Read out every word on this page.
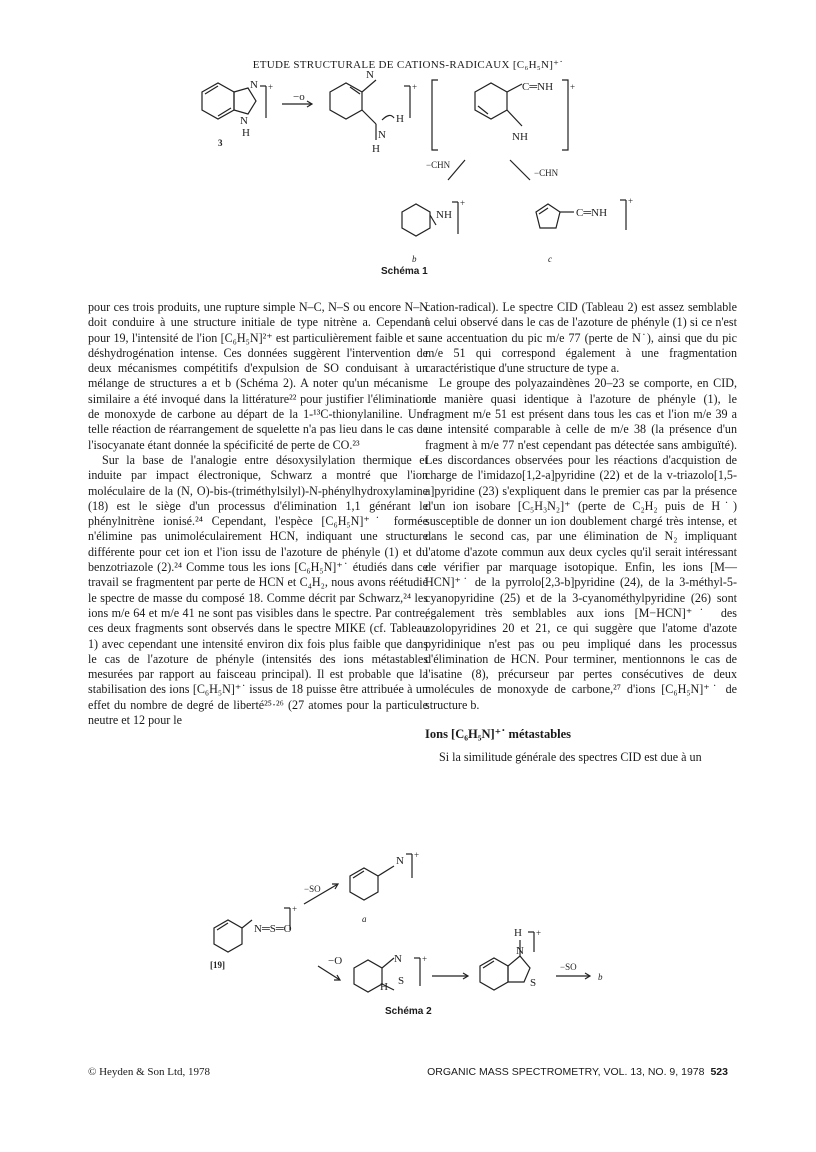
ETUDE STRUCTURALE DE CATIONS-RADICAUX [C₆H₅N]⁺˙
N
N
H
N
H
N
H
C═NH
NH
NH	C═NH
−o
+	+	+
+	+
3
−CHN
−CHN
b	c
Schéma 1

pour ces trois produits, une rupture simple N–C, N–S ou encore N–N doit conduire à une structure initiale de type nitrène a. Cependant pour 19, l'intensité de l'ion [C₆H₅N]²⁺ est particulièrement faible et sa déshydrogénation intense. Ces données suggèrent l'intervention de deux mécanismes compétitifs d'expulsion de SO conduisant à un mélange de structures a et b (Schéma 2). A noter qu'un mécanisme similaire a été invoqué dans la littérature²² pour justifier l'élimination de monoxyde de carbone au départ de la 1-¹³C-thionylaniline. Une telle réaction de réarrangement de squelette n'a pas lieu dans le cas de l'isocyanate étant donnée la spécificité de perte de CO.²³

Sur la base de l'analogie entre désoxysilylation thermique et induite par impact électronique, Schwarz a montré que l'ion moléculaire de la (N, O)-bis-(triméthylsilyl)-N-phénylhydroxylamine (18) est le siège d'un processus d'élimination 1,1 générant le phénylnitrène ionisé.²⁴ Cependant, l'espèce [C₆H₅N]⁺˙ formée n'élimine pas unimoléculairement HCN, indiquant une structure différente pour cet ion et l'ion issu de l'azoture de phényle (1) et du benzotriazole (2).²⁴ Comme tous les ions [C₆H₅N]⁺˙ étudiés dans ce travail se fragmentent par perte de HCN et C₄H₂, nous avons réétudié le spectre de masse du composé 18. Comme décrit par Schwarz,²⁴ les ions m/e 64 et m/e 41 ne sont pas visibles dans le spectre. Par contre, ces deux fragments sont observés dans le spectre MIKE (cf. Tableau 1) avec cependant une intensité environ dix fois plus faible que dans le cas de l'azoture de phényle (intensités des ions métastables mesurées par rapport au faisceau principal). Il est probable que la stabilisation des ions [C₆H₅N]⁺˙ issus de 18 puisse être attribuée à un effet du nombre de degré de liberté²⁵·²⁶ (27 atomes pour la particule neutre et 12 pour le

cation-radical). Le spectre CID (Tableau 2) est assez semblable à celui observé dans le cas de l'azoture de phényle (1) si ce n'est une accentuation du pic m/e 77 (perte de N˙), ainsi que du pic m/e 51 qui correspond également à une fragmentation caractéristique d'une structure de type a.

Le groupe des polyazaindènes 20–23 se comporte, en CID, de manière quasi identique à l'azoture de phényle (1), le fragment m/e 51 est présent dans tous les cas et l'ion m/e 39 a une intensité comparable à celle de m/e 38 (la présence d'un fragment à m/e 77 n'est cependant pas détectée sans ambiguïté). Les discordances observées pour les réactions d'acquistion de charge de l'imidazo[1,2-a]pyridine (22) et de la v-triazolo[1,5-a]pyridine (23) s'expliquent dans le premier cas par la présence d'un ion isobare [C₅H₃N₂]⁺ (perte de C₂H₂ puis de H˙) susceptible de donner un ion doublement chargé très intense, et dans le second cas, par une élimination de N₂ impliquant l'atome d'azote commun aux deux cycles qu'il serait intéressant de vérifier par marquage isotopique. Enfin, les ions [M—HCN]⁺˙ de la pyrrolo[2,3-b]pyridine (24), de la 3-méthyl-5-cyanopyridine (25) et de la 3-cyanométhylpyridine (26) sont également très semblables aux ions [M−HCN]⁺˙ des azolopyridines 20 et 21, ce qui suggère que l'atome d'azote pyridinique n'est pas ou peu impliqué dans les processus d'élimination de HCN. Pour terminer, mentionnons le cas de l'isatine (8), précurseur par pertes consécutives de deux molécules de monoxyde de carbone,²⁷ d'ions [C₆H₅N]⁺˙ de structure b.

Ions [C₆H₅N]⁺˙ métastables

Si la similitude générale des spectres CID est due à un

N═S═O
N
N
S
H
H
N
S
−O
+
+
+
+
[19]
−SO
−SO
a
b
Schéma 2
© Heyden & Son Ltd, 1978	ORGANIC MASS SPECTROMETRY, VOL. 13, NO. 9, 1978 523
